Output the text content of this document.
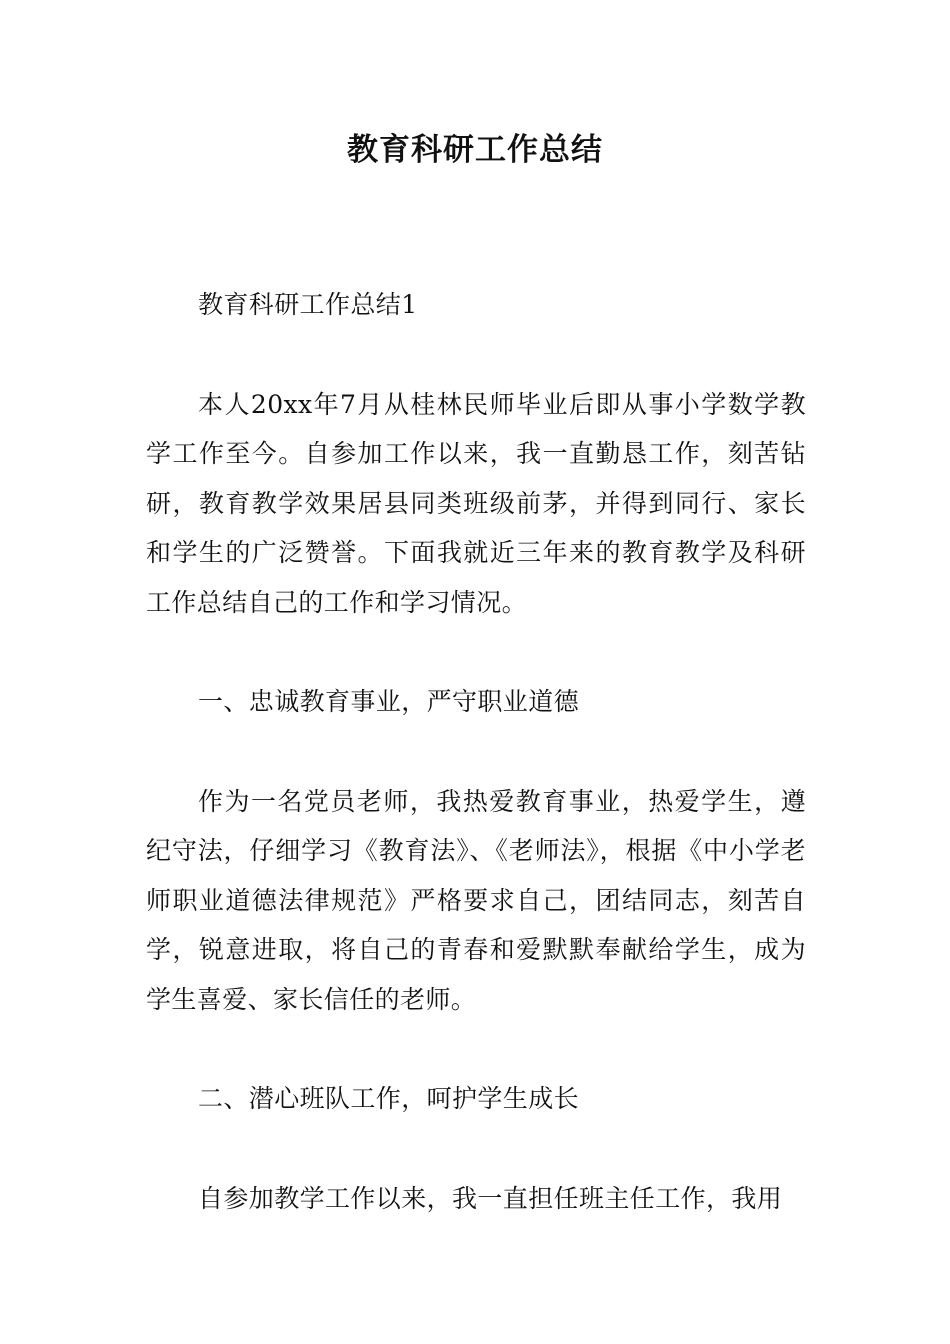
教育科研工作总结

教育科研工作总结1

本人20xx年7月从桂林民师毕业后即从事小学数学教学工作至今。自参加工作以来，我一直勤恳工作，刻苦钻研，教育教学效果居县同类班级前茅，并得到同行、家长和学生的广泛赞誉。下面我就近三年来的教育教学及科研工作总结自己的工作和学习情况。

一、忠诚教育事业，严守职业道德

作为一名党员老师，我热爱教育事业，热爱学生，遵纪守法，仔细学习《教育法》、《老师法》，根据《中小学老师职业道德法律规范》严格要求自己，团结同志，刻苦自学，锐意进取，将自己的青春和爱默默奉献给学生，成为学生喜爱、家长信任的老师。

二、潜心班队工作，呵护学生成长

自参加教学工作以来，我一直担任班主任工作，我用
